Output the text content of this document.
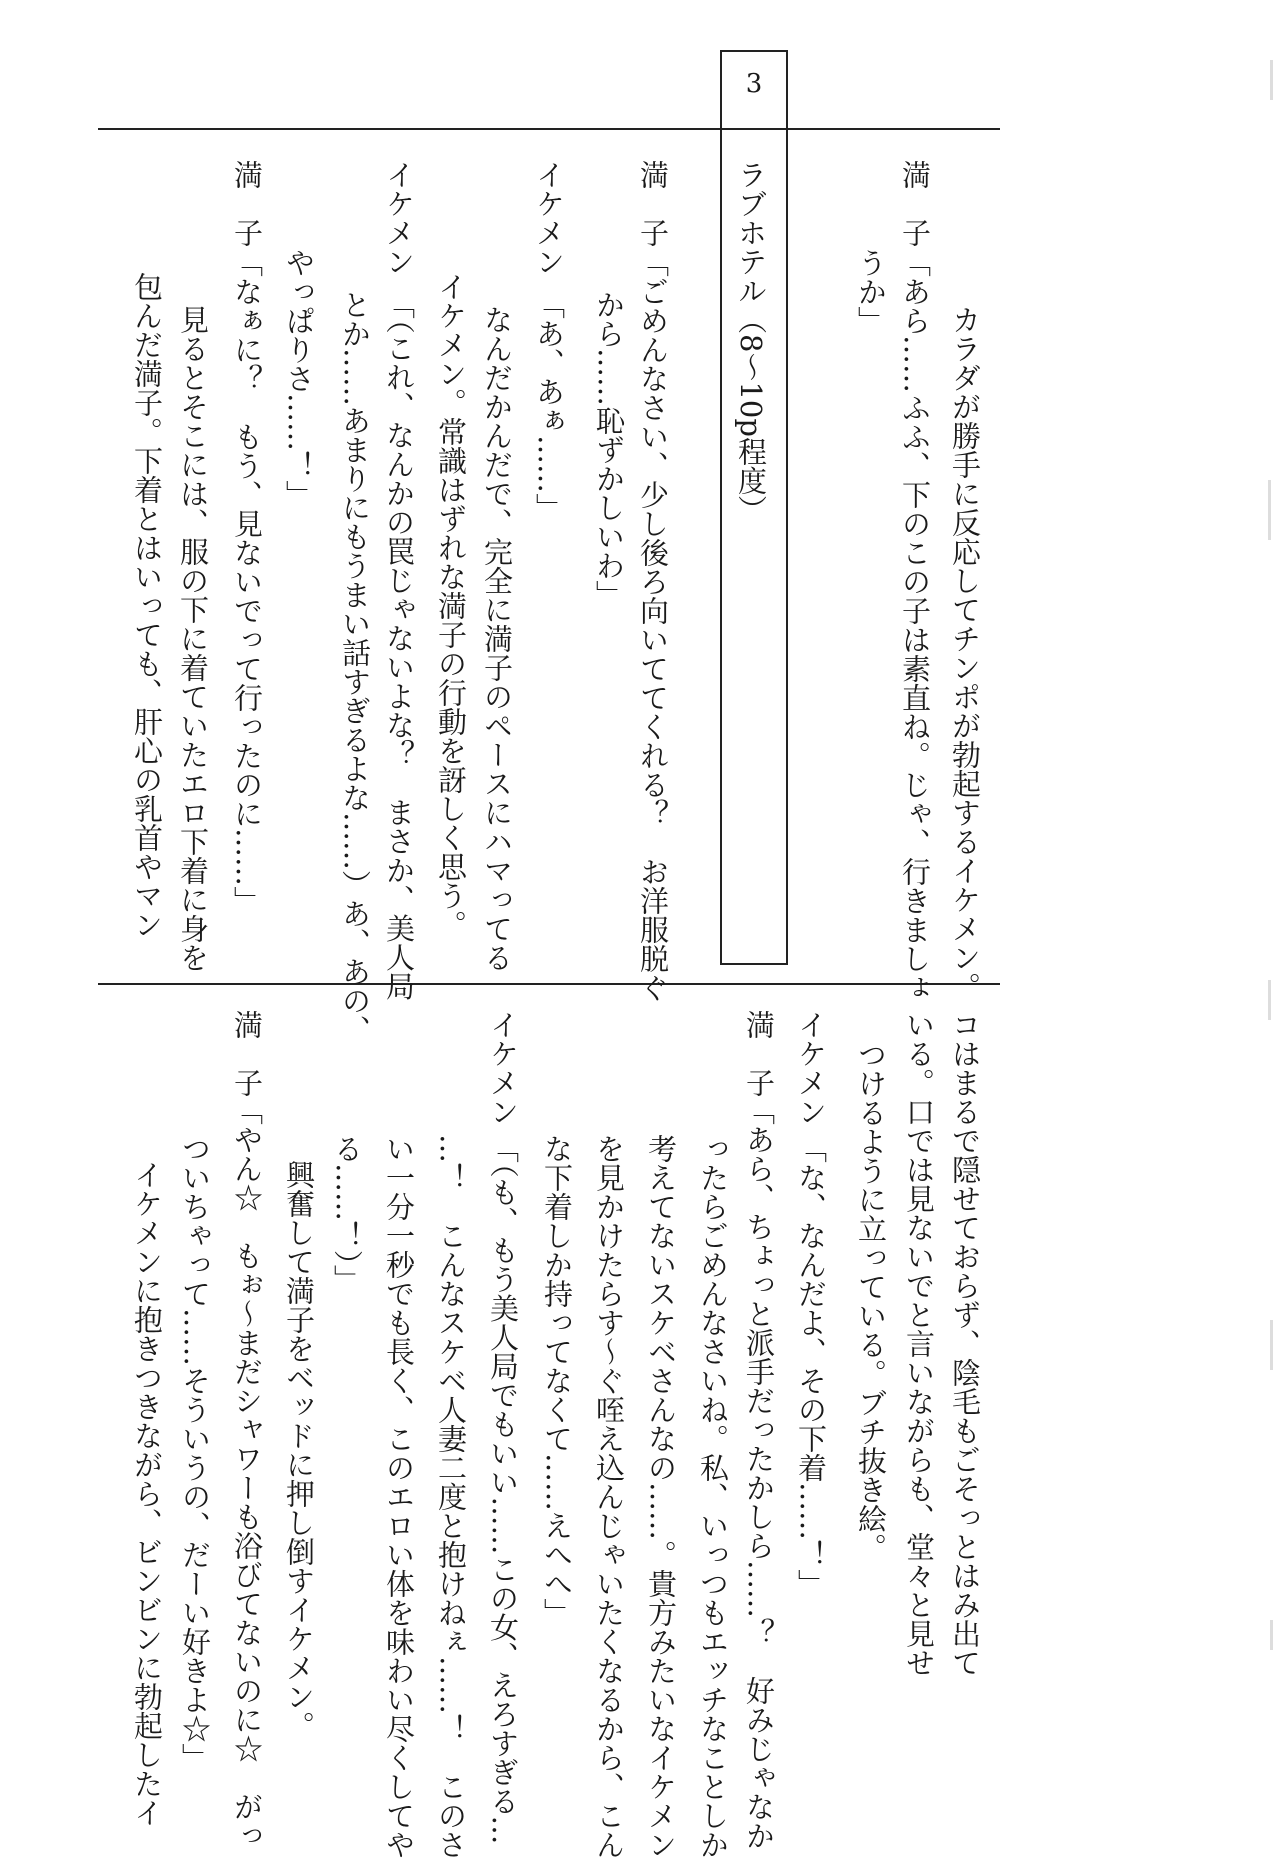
3
ラブホテル（8〜10p程度）	カラダが勝手に反応してチンポが勃起するイケメン。
満　子
「あら……ふふ、下のこの子は素直ね。じゃ、行きましょ
うか」
満　子
「ごめんなさい、少し後ろ向いててくれる？　お洋服脱ぐ
から……恥ずかしいわ」
イケメン
「あ、あぁ……」
なんだかんだで、完全に満子のペースにハマってる
イケメン。常識はずれな満子の行動を訝しく思う。
イケメン
「（これ、なんかの罠じゃないよな？　まさか、美人局
とか……あまりにもうまい話すぎるよな……）あ、あの、
やっぱりさ……！」
満　子
「なぁに？　もう、見ないでって行ったのに……」
見るとそこには、服の下に着ていたエロ下着に身を
包んだ満子。下着とはいっても、肝心の乳首やマン
コはまるで隠せておらず、陰毛もごそっとはみ出て
いる。口では見ないでと言いながらも、堂々と見せ
つけるように立っている。ブチ抜き絵。
イケメン
「な、なんだよ、その下着……！」
満　子
「あら、ちょっと派手だったかしら……？　好みじゃなか
ったらごめんなさいね。私、いっつもエッチなことしか
考えてないスケベさんなの……。貴方みたいなイケメン
を見かけたらす〜ぐ咥え込んじゃいたくなるから、こん
な下着しか持ってなくて……えへへ」
イケメン
「（も、もう美人局でもいい……この女、えろすぎる…
…！　こんなスケベ人妻二度と抱けねぇ……！　このさ
い一分一秒でも長く、このエロい体を味わい尽くしてや
る……！）」
興奮して満子をベッドに押し倒すイケメン。
満　子
「やん☆　もぉ〜まだシャワーも浴びてないのに☆　がっ
ついちゃって……そういうの、だーい好きよ☆」
イケメンに抱きつきながら、ビンビンに勃起したイ
